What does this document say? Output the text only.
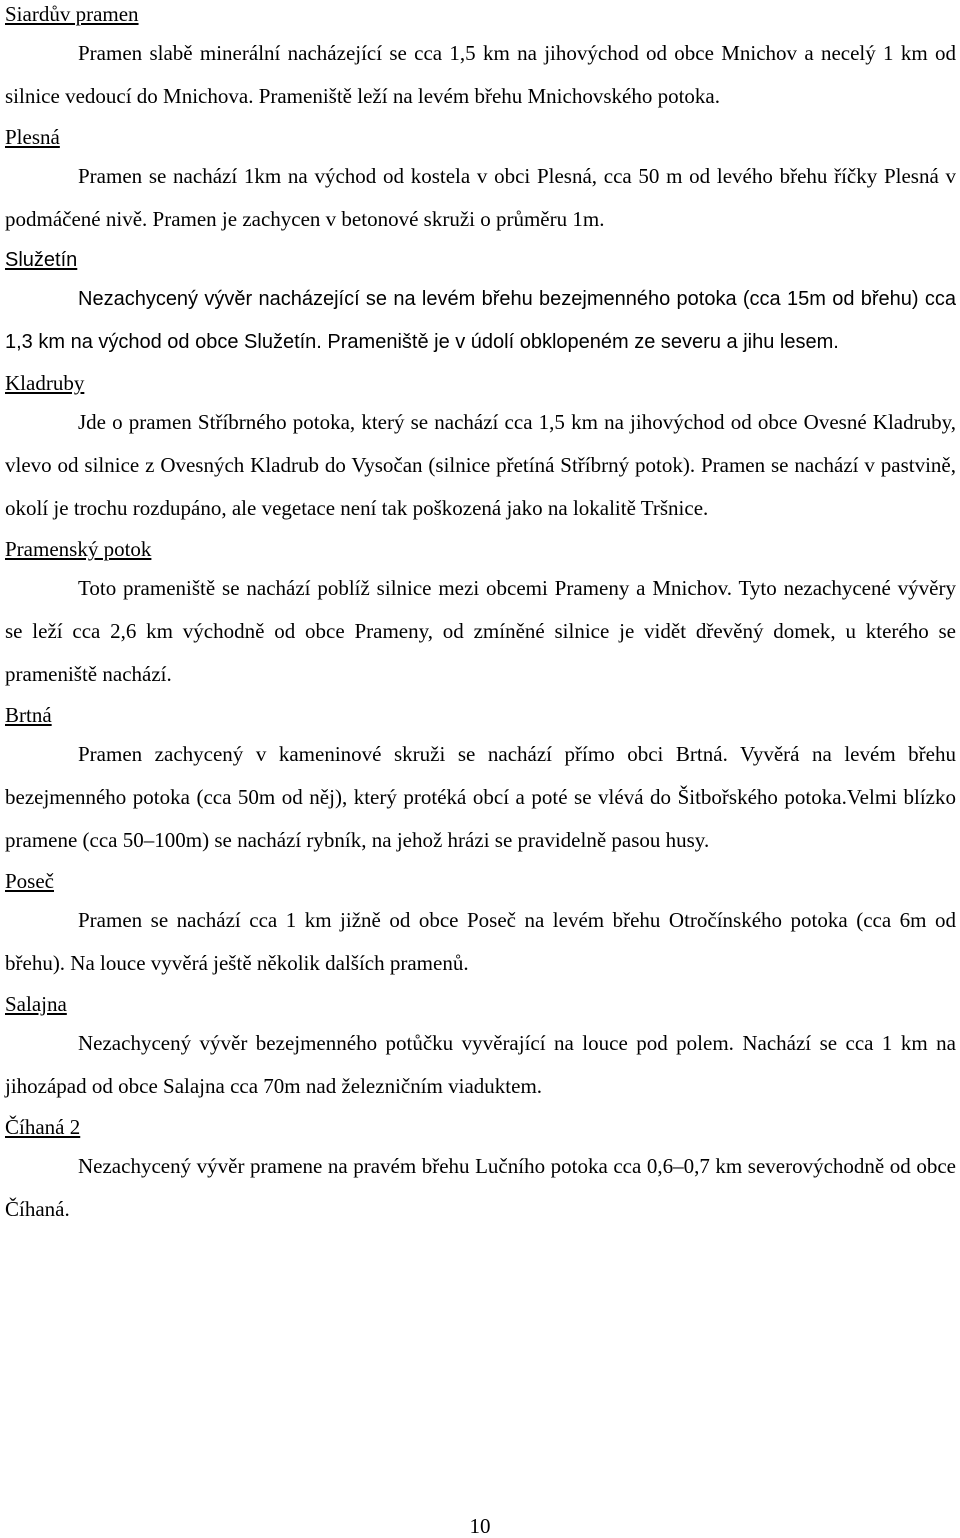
Siardův pramen

Pramen slabě minerální nacházející se cca 1,5 km na jihovýchod od obce Mnichov a necelý 1 km od silnice vedoucí do Mnichova. Prameniště leží na levém břehu Mnichovského potoka.

Plesná

Pramen se nachází 1km na východ od kostela v obci Plesná, cca 50 m od levého břehu říčky Plesná v podmáčené nivě. Pramen je zachycen v betonové skruži o průměru 1m.

Služetín

Nezachycený vývěr nacházející se na levém břehu bezejmenného potoka (cca 15m od břehu) cca 1,3 km na východ od obce Služetín. Prameniště je v údolí obklopeném ze severu a jihu lesem.

Kladruby

Jde o pramen Stříbrného potoka, který se nachází cca 1,5 km na jihovýchod od obce Ovesné Kladruby, vlevo od silnice z Ovesných Kladrub do Vysočan (silnice přetíná Stříbrný potok). Pramen se nachází v pastvině, okolí je trochu rozdupáno, ale vegetace není tak poškozená jako na lokalitě Tršnice.

Pramenský potok

Toto prameniště se nachází poblíž silnice mezi obcemi Prameny a Mnichov. Tyto nezachycené vývěry se leží cca 2,6 km východně od obce Prameny, od zmíněné silnice je vidět dřevěný domek, u kterého se prameniště nachází.

Brtná

Pramen zachycený v kameninové skruži se nachází přímo obci Brtná. Vyvěrá na levém břehu bezejmenného potoka (cca 50m od něj), který protéká obcí a poté se vlévá do Šitbořského potoka.Velmi blízko pramene (cca 50–100m) se nachází rybník, na jehož hrázi se pravidelně pasou husy.

Poseč

Pramen se nachází cca 1 km jižně od obce Poseč na levém břehu Otročínského potoka (cca 6m od břehu). Na louce vyvěrá ještě několik dalších pramenů.

Salajna

Nezachycený vývěr bezejmenného potůčku vyvěrající na louce pod polem. Nachází se cca 1 km na jihozápad od obce Salajna cca 70m nad železničním viaduktem.

Číhaná 2

Nezachycený vývěr pramene na pravém břehu Lučního potoka cca 0,6–0,7 km severovýchodně od obce Číhaná.

10
